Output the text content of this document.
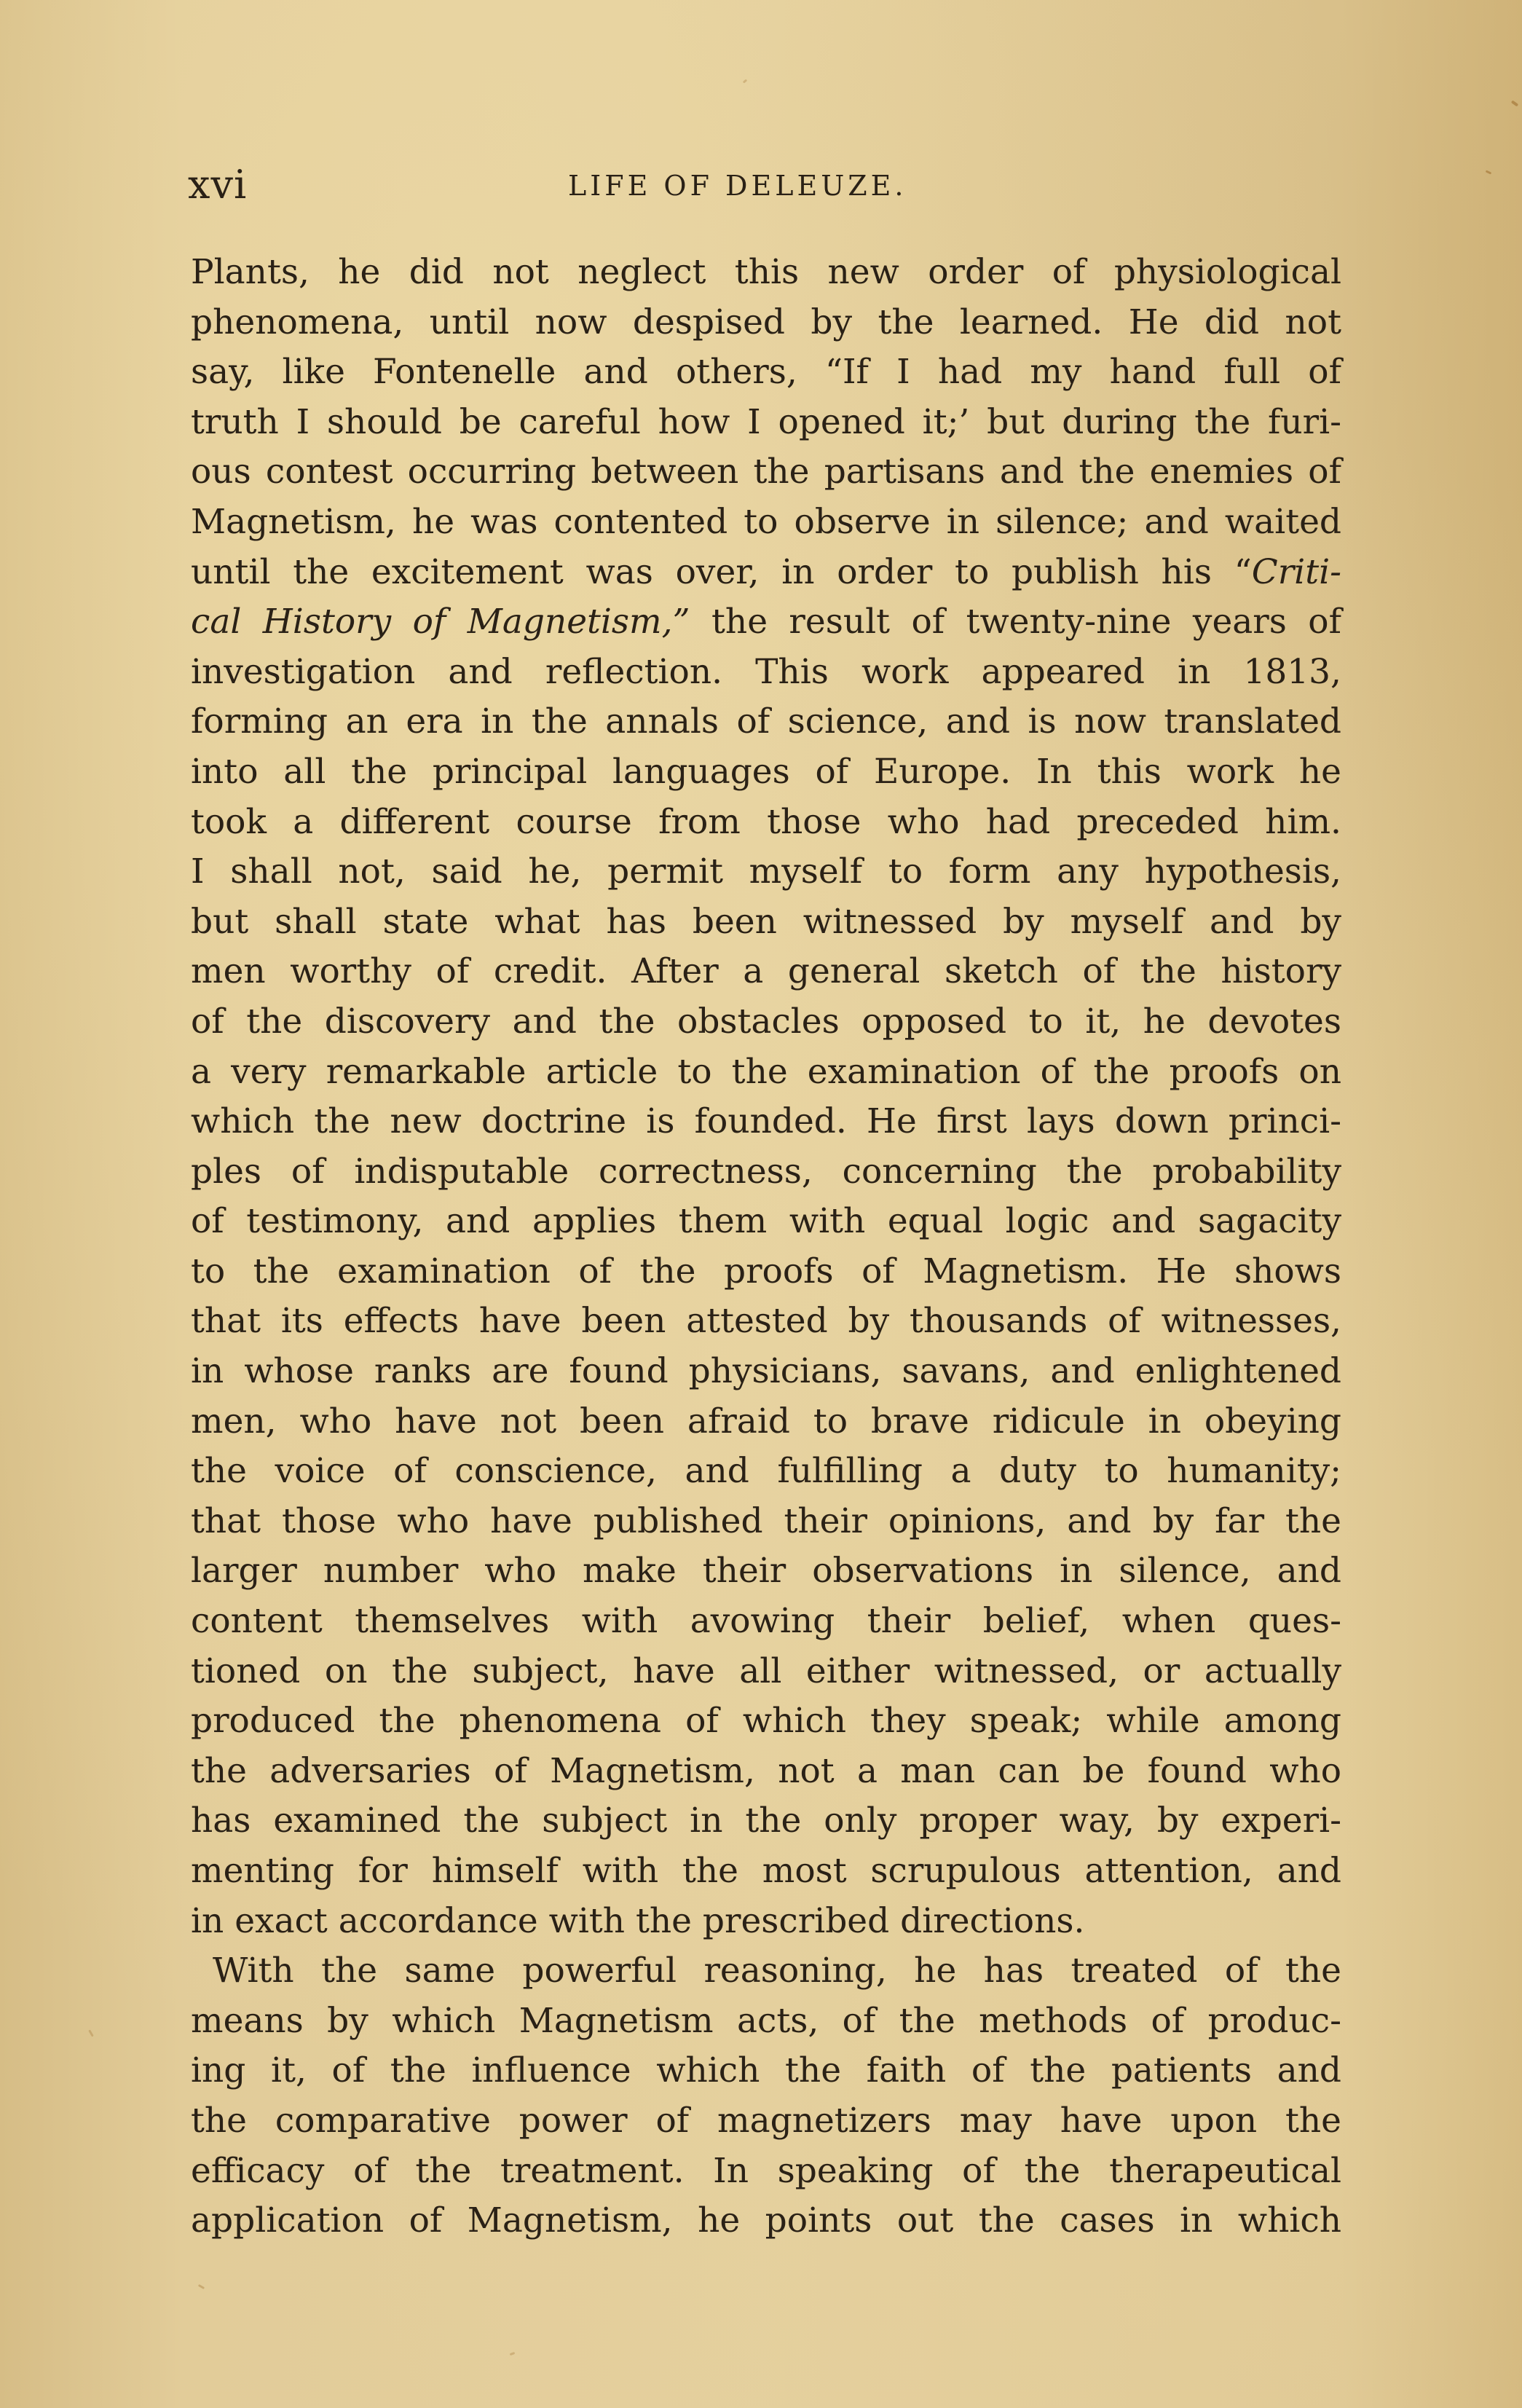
xvi	LIFE OF DELEUZE.
Plants, he did not neglect this new order of physiological
phenomena, until now despised by the learned. He did not
say, like Fontenelle and others, “If I had my hand full of
truth I should be careful how I opened it;’ but during the furi-
ous contest occurring between the partisans and the enemies of
Magnetism, he was contented to observe in silence; and waited
until the excitement was over, in order to publish his “Criti-
cal History of Magnetism,” the result of twenty-nine years of
investigation and reflection. This work appeared in 1813,
forming an era in the annals of science, and is now translated
into all the principal languages of Europe. In this work he
took a different course from those who had preceded him.
I shall not, said he, permit myself to form any hypothesis,
but shall state what has been witnessed by myself and by
men worthy of credit. After a general sketch of the history
of the discovery and the obstacles opposed to it, he devotes
a very remarkable article to the examination of the proofs on
which the new doctrine is founded. He first lays down princi-
ples of indisputable correctness, concerning the probability
of testimony, and applies them with equal logic and sagacity
to the examination of the proofs of Magnetism. He shows
that its effects have been attested by thousands of witnesses,
in whose ranks are found physicians, savans, and enlightened
men, who have not been afraid to brave ridicule in obeying
the voice of conscience, and fulfilling a duty to humanity;
that those who have published their opinions, and by far the
larger number who make their observations in silence, and
content themselves with avowing their belief, when ques-
tioned on the subject, have all either witnessed, or actually
produced the phenomena of which they speak; while among
the adversaries of Magnetism, not a man can be found who
has examined the subject in the only proper way, by experi-
menting for himself with the most scrupulous attention, and
in exact accordance with the prescribed directions.
With the same powerful reasoning, he has treated of the
means by which Magnetism acts, of the methods of produc-
ing it, of the influence which the faith of the patients and
the comparative power of magnetizers may have upon the
efficacy of the treatment. In speaking of the therapeutical
application of Magnetism, he points out the cases in which
